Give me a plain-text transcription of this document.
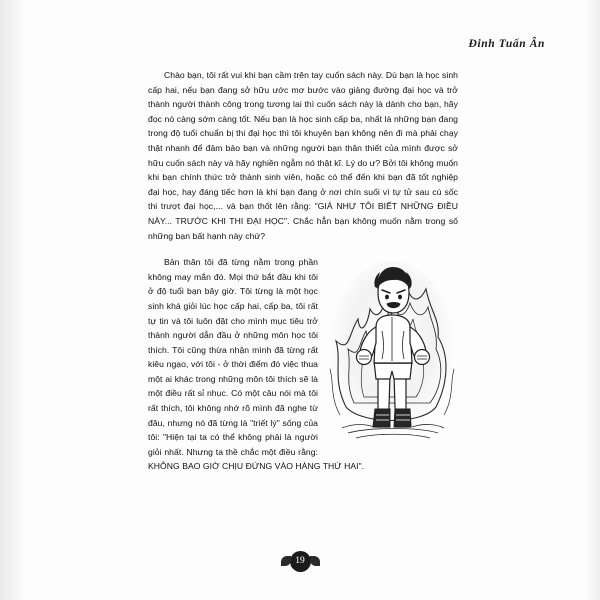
Đinh Tuấn Ân

Chào bạn, tôi rất vui khi bạn cầm trên tay cuốn sách này. Dù bạn là học sinh cấp hai, nếu bạn đang sở hữu ước mơ bước vào giảng đường đại học và trở thành người thành công trong tương lai thì cuốn sách này là dành cho bạn, hãy đọc nó càng sớm càng tốt. Nếu bạn là học sinh cấp ba, nhất là những bạn đang trong độ tuổi chuẩn bị thi đại học thì tôi khuyên bạn không nên đi mà phải chạy thật nhanh để đảm bảo bạn và những người bạn thân thiết của mình được sở hữu cuốn sách này và hãy nghiền ngẫm nó thật kĩ. Lý do ư? Bởi tôi không muốn khi bạn chính thức trở thành sinh viên, hoặc có thể đến khi bạn đã tốt nghiệp đại học, hay đáng tiếc hơn là khi bạn đang ở nơi chín suối vì tự tử sau cú sốc thi trượt đại học,... và bạn thốt lên rằng: "GIÁ NHƯ TÔI BIẾT NHỮNG ĐIỀU NÀY... TRƯỚC KHI THI ĐẠI HỌC". Chắc hẳn bạn không muốn nằm trong số những bạn bất hạnh này chứ?

Bản thân tôi đã từng nằm trong phần không may mắn đó. Mọi thứ bắt đầu khi tôi ở độ tuổi bạn bây giờ. Tôi từng là một học sinh khá giỏi lúc học cấp hai, cấp ba, tôi rất tự tin và tôi luôn đặt cho mình mục tiêu trở thành người dẫn đầu ở những môn học tôi thích. Tôi cũng thừa nhận mình đã từng rất kiêu ngạo, với tôi - ở thời điểm đó việc thua một ai khác trong những môn tôi thích sẽ là một điều rất sỉ nhục. Có một câu nói mà tôi rất thích, tôi không nhớ rõ mình đã nghe từ đâu, nhưng nó đã từng là "triết lý" sống của tôi: "Hiện tại ta có thể không phải là người giỏi nhất. Nhưng ta thề chắc một điều rằng: KHÔNG BAO GIỜ CHỊU ĐỨNG VÀO HÀNG THỨ HAI".

19
